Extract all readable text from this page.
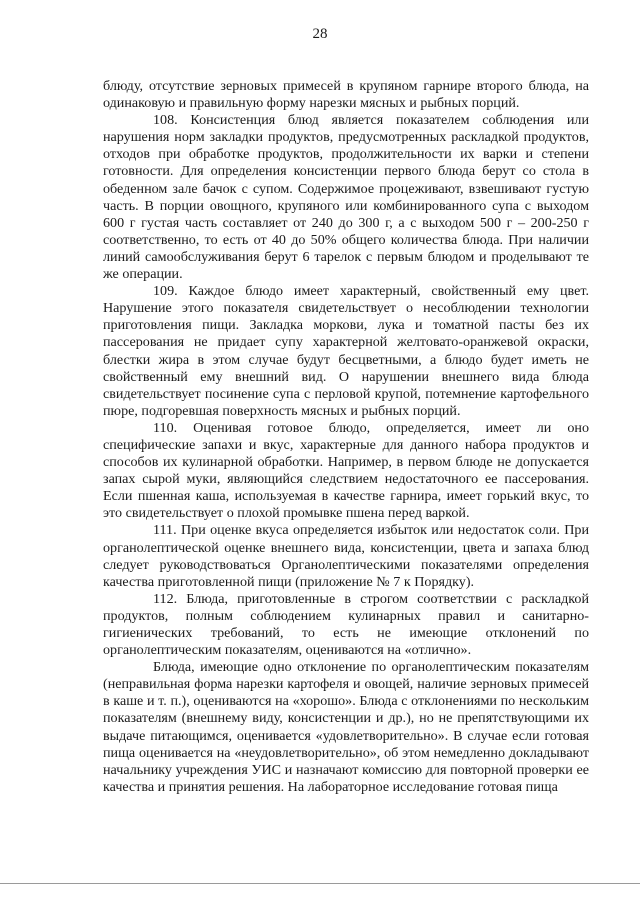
28

блюду, отсутствие зерновых примесей в крупяном гарнире второго блюда, на одинаковую и правильную форму нарезки мясных и рыбных порций.

108. Консистенция блюд является показателем соблюдения или нарушения норм закладки продуктов, предусмотренных раскладкой продуктов, отходов при обработке продуктов, продолжительности их варки и степени готовности. Для определения консистенции первого блюда берут со стола в обеденном зале бачок с супом. Содержимое процеживают, взвешивают густую часть. В порции овощного, крупяного или комбинированного супа с выходом 600 г густая часть составляет от 240 до 300 г, а с выходом 500 г – 200-250 г соответственно, то есть от 40 до 50% общего количества блюда. При наличии линий самообслуживания берут 6 тарелок с первым блюдом и проделывают те же операции.

109. Каждое блюдо имеет характерный, свойственный ему цвет. Нарушение этого показателя свидетельствует о несоблюдении технологии приготовления пищи. Закладка моркови, лука и томатной пасты без их пассерования не придает супу характерной желтовато-оранжевой окраски, блестки жира в этом случае будут бесцветными, а блюдо будет иметь не свойственный ему внешний вид. О нарушении внешнего вида блюда свидетельствует посинение супа с перловой крупой, потемнение картофельного пюре, подгоревшая поверхность мясных и рыбных порций.

110. Оценивая готовое блюдо, определяется, имеет ли оно специфические запахи и вкус, характерные для данного набора продуктов и способов их кулинарной обработки. Например, в первом блюде не допускается запах сырой муки, являющийся следствием недостаточного ее пассерования. Если пшенная каша, используемая в качестве гарнира, имеет горький вкус, то это свидетельствует о плохой промывке пшена перед варкой.

111. При оценке вкуса определяется избыток или недостаток соли. При органолептической оценке внешнего вида, консистенции, цвета и запаха блюд следует руководствоваться Органолептическими показателями определения качества приготовленной пищи (приложение № 7 к Порядку).

112. Блюда, приготовленные в строгом соответствии с раскладкой продуктов, полным соблюдением кулинарных правил и санитарно-гигиенических требований, то есть не имеющие отклонений по органолептическим показателям, оцениваются на «отлично».

Блюда, имеющие одно отклонение по органолептическим показателям (неправильная форма нарезки картофеля и овощей, наличие зерновых примесей в каше и т. п.), оцениваются на «хорошо». Блюда с отклонениями по нескольким показателям (внешнему виду, консистенции и др.), но не препятствующими их выдаче питающимся, оценивается «удовлетворительно». В случае если готовая пища оценивается на «неудовлетворительно», об этом немедленно докладывают начальнику учреждения УИС и назначают комиссию для повторной проверки ее качества и принятия решения. На лабораторное исследование готовая пища
